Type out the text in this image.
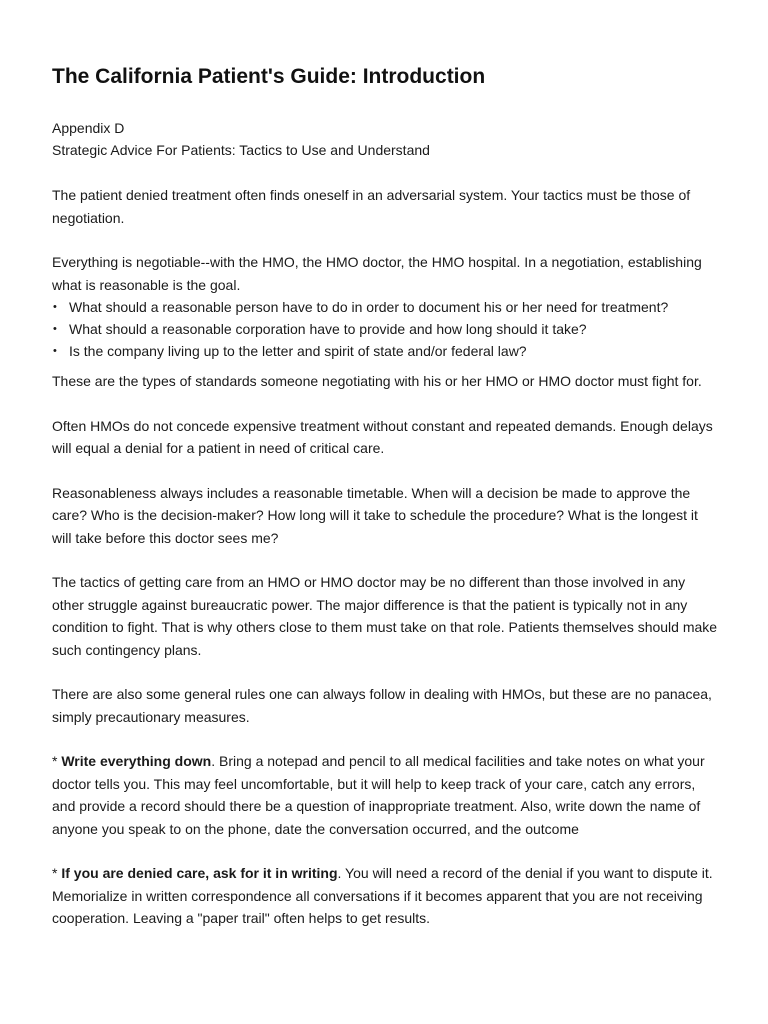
The California Patient's Guide: Introduction
Appendix D
Strategic Advice For Patients: Tactics to Use and Understand

The patient denied treatment often finds oneself in an adversarial system. Your tactics must be those of negotiation.

Everything is negotiable--with the HMO, the HMO doctor, the HMO hospital. In a negotiation, establishing what is reasonable is the goal.

• What should a reasonable person have to do in order to document his or her need for treatment?
• What should a reasonable corporation have to provide and how long should it take?
• Is the company living up to the letter and spirit of state and/or federal law?

These are the types of standards someone negotiating with his or her HMO or HMO doctor must fight for.

Often HMOs do not concede expensive treatment without constant and repeated demands. Enough delays will equal a denial for a patient in need of critical care.

Reasonableness always includes a reasonable timetable. When will a decision be made to approve the care? Who is the decision-maker? How long will it take to schedule the procedure? What is the longest it will take before this doctor sees me?

The tactics of getting care from an HMO or HMO doctor may be no different than those involved in any other struggle against bureaucratic power. The major difference is that the patient is typically not in any condition to fight. That is why others close to them must take on that role. Patients themselves should make such contingency plans.

There are also some general rules one can always follow in dealing with HMOs, but these are no panacea, simply precautionary measures.

* Write everything down. Bring a notepad and pencil to all medical facilities and take notes on what your doctor tells you. This may feel uncomfortable, but it will help to keep track of your care, catch any errors, and provide a record should there be a question of inappropriate treatment. Also, write down the name of anyone you speak to on the phone, date the conversation occurred, and the outcome

* If you are denied care, ask for it in writing. You will need a record of the denial if you want to dispute it. Memorialize in written correspondence all conversations if it becomes apparent that you are not receiving cooperation. Leaving a "paper trail" often helps to get results.
